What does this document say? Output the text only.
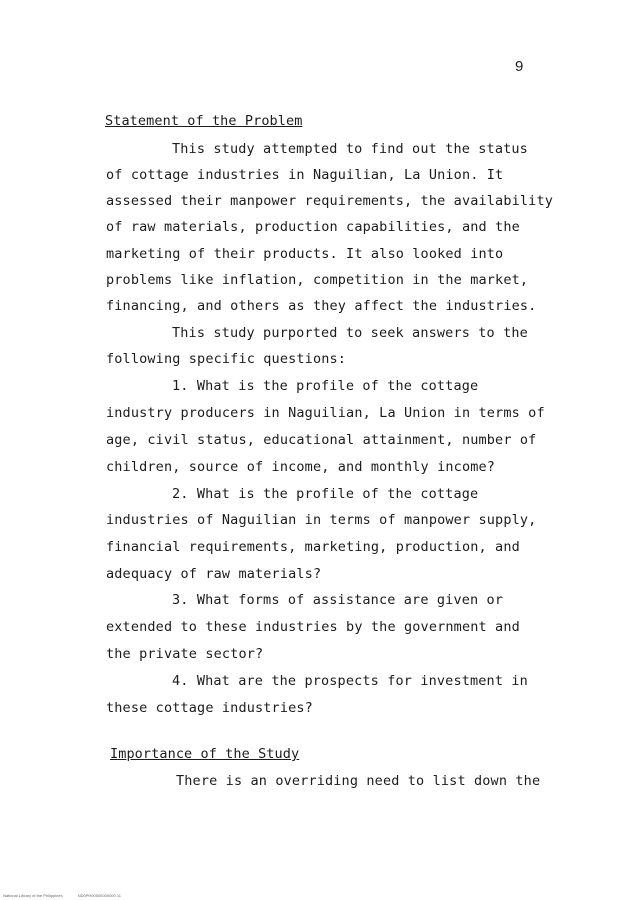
9
Statement of the Problem
This study attempted to find out the status
of cottage industries in Naguilian, La Union. It
assessed their manpower requirements, the availability
of raw materials, production capabilities, and the
marketing of their products. It also looked into
problems like inflation, competition in the market,
financing, and others as they affect the industries.
This study purported to seek answers to the
following specific questions:
1. What is the profile of the cottage
industry producers in Naguilian, La Union in terms of
age, civil status, educational attainment, number of
children, source of income, and monthly income?
2. What is the profile of the cottage
industries of Naguilian in terms of manpower supply,
financial requirements, marketing, production, and
adequacy of raw materials?
3. What forms of assistance are given or
extended to these industries by the government and
the private sector?
4. What are the prospects for investment in
these cottage industries?
Importance of the Study
There is an overriding need to list down the
National Library of the Philippines	ND0PH00000000000 11
